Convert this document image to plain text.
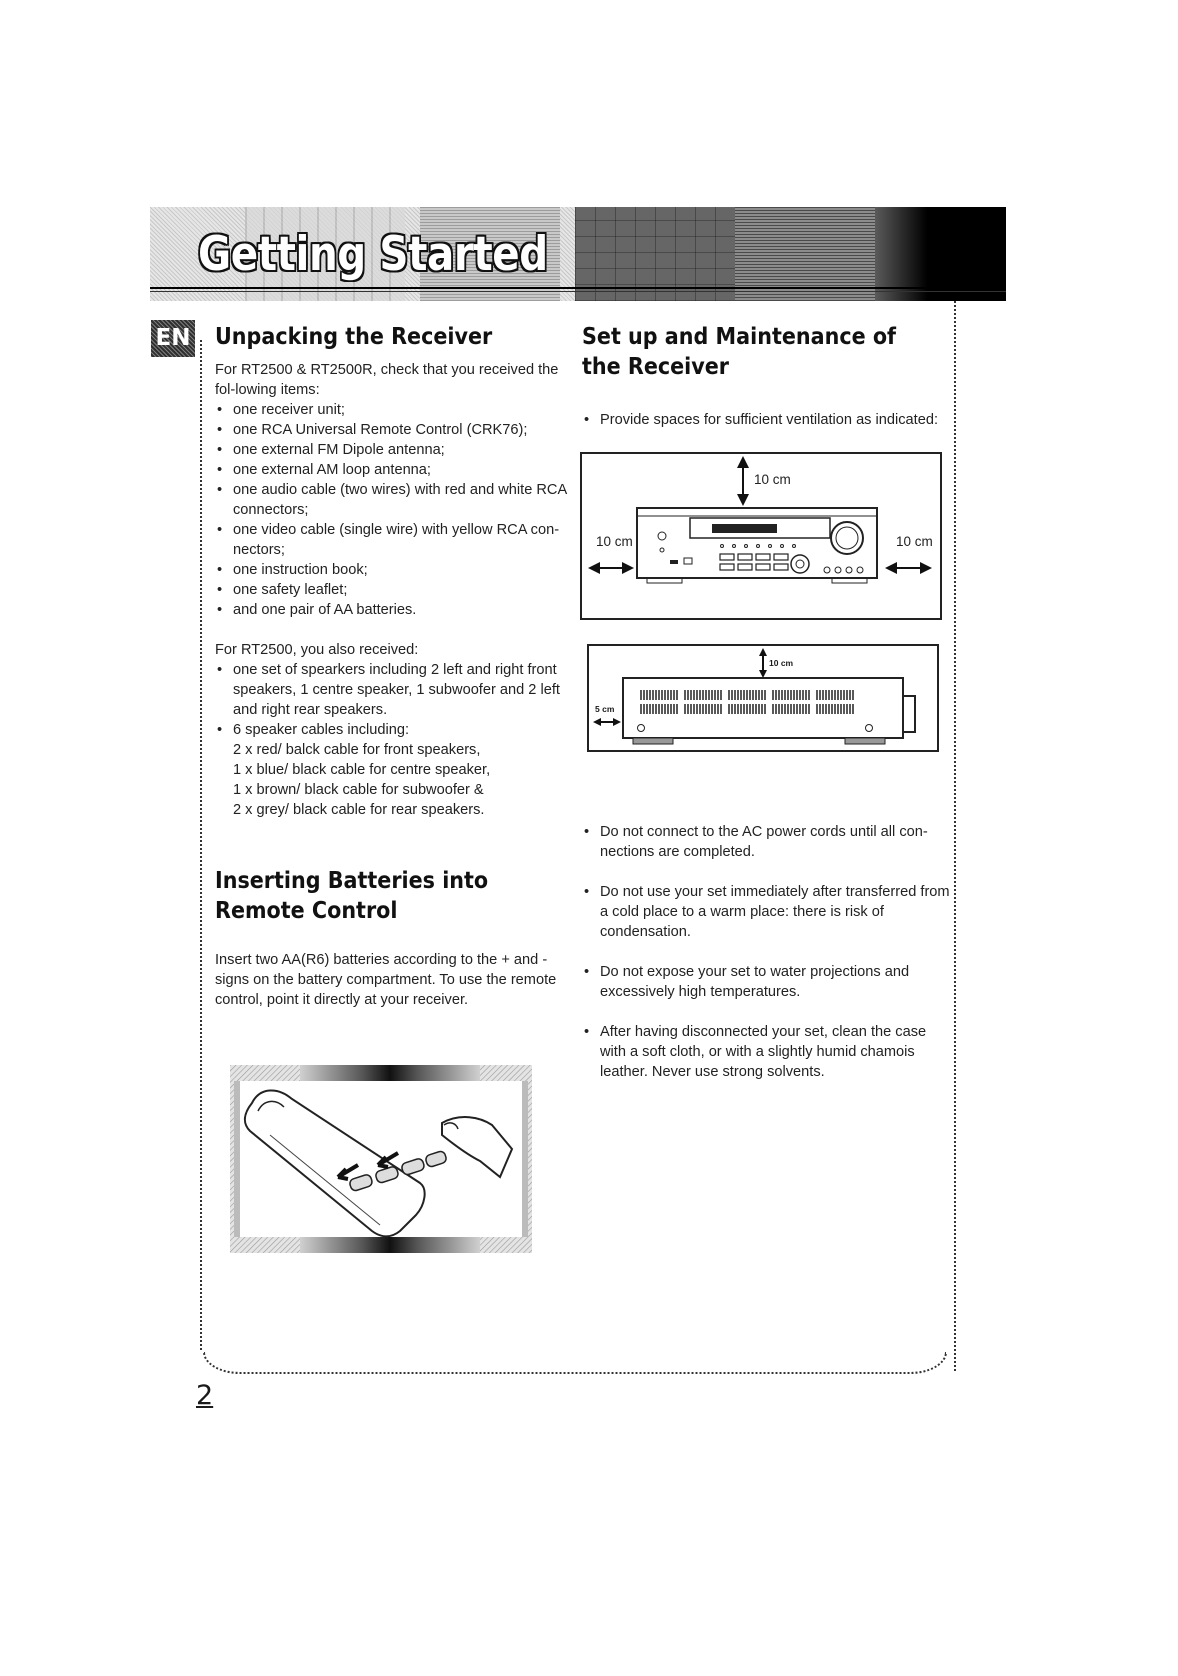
Getting Started
EN Unpacking the Receiver

For RT2500 & RT2500R, check that you received the fol-lowing items:

• one receiver unit;
• one RCA Universal Remote Control (CRK76);
• one external FM Dipole antenna;
• one external AM loop antenna;
• one audio cable (two wires) with red and white RCA connectors;
• one video cable (single wire) with yellow RCA con-nectors;
• one instruction book;
• one safety leaflet;
• and one pair of AA batteries.

For RT2500, you also received:

• one set of spearkers including 2 left and right front speakers, 1 centre speaker, 1 subwoofer and 2 left and right rear speakers.
• 6 speaker cables including:
2 x red/ balck cable for front speakers,
1 x blue/ black cable for centre speaker,
1 x brown/ black cable for subwoofer &
2 x grey/ black cable for rear speakers.
Inserting Batteries into
Remote Control

Insert two AA(R6) batteries according to the + and - signs on the battery compartment. To use the remote control, point it directly at your receiver.

Set up and Maintenance of
the Receiver
• Provide spaces for sufficient ventilation as indicated:
10 cm
10 cm	10 cm
10 cm
5 cm
• Do not connect to the AC power cords until all con-nections are completed.
• Do not use your set immediately after transferred from a cold place to a warm place: there is risk of condensation.
• Do not expose your set to water projections and excessively high temperatures.
• After having disconnected your set, clean the case with a soft cloth, or with a slightly humid chamois leather. Never use strong solvents.
2
